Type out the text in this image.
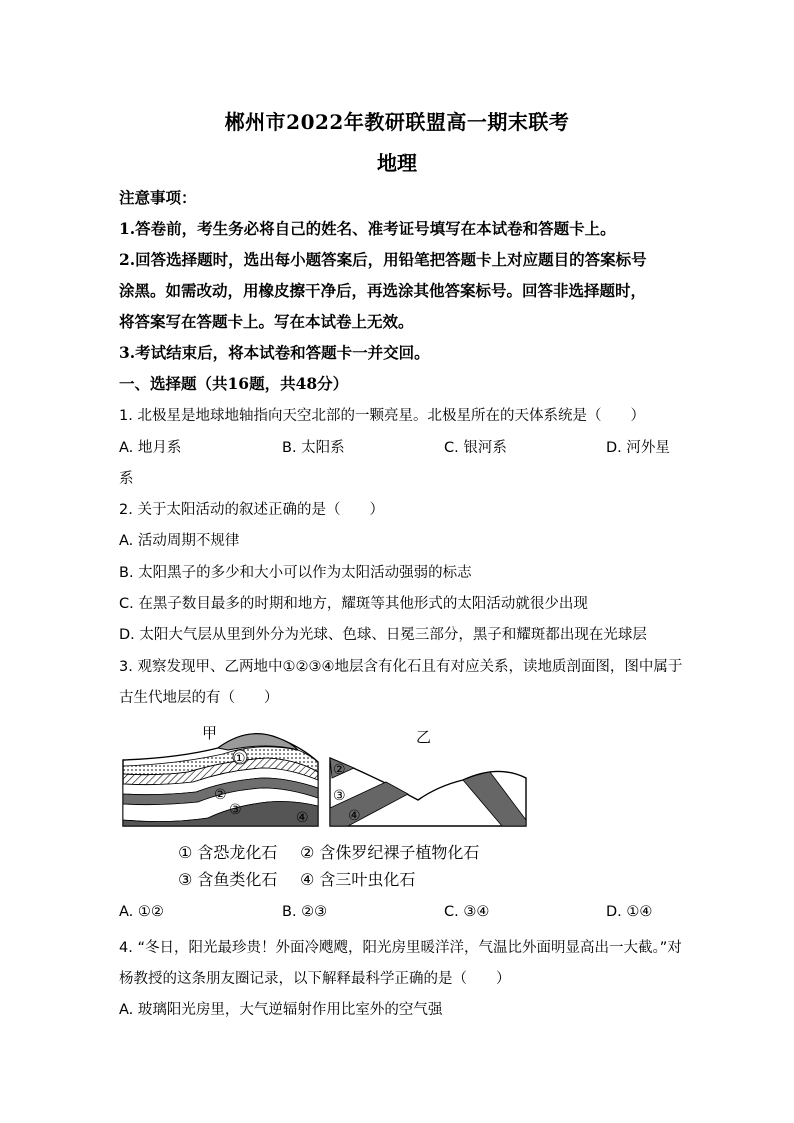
郴州市2022年教研联盟高一期末联考
地理
注意事项：
1.答卷前，考生务必将自己的姓名、准考证号填写在本试卷和答题卡上。
2.回答选择题时，选出每小题答案后，用铅笔把答题卡上对应题目的答案标号
涂黑。如需改动，用橡皮擦干净后，再选涂其他答案标号。回答非选择题时，
将答案写在答题卡上。写在本试卷上无效。
3.考试结束后，将本试卷和答题卡一并交回。
一、选择题（共16题，共48分）
1. 北极星是地球地轴指向天空北部的一颗亮星。北极星所在的天体系统是（　　）
A. 地月系	B. 太阳系	C. 银河系	D. 河外星
系
2. 关于太阳活动的叙述正确的是（　　）
A. 活动周期不规律
B. 太阳黑子的多少和大小可以作为太阳活动强弱的标志
C. 在黑子数目最多的时期和地方，耀斑等其他形式的太阳活动就很少出现
D. 太阳大气层从里到外分为光球、色球、日冕三部分，黑子和耀斑都出现在光球层
3. 观察发现甲、乙两地中①②③④地层含有化石且有对应关系，读地质剖面图，图中属于
古生代地层的有（　　）
甲
①
②
③	④
乙
②
③
④
① 含恐龙化石 ② 含侏罗纪裸子植物化石
③ 含鱼类化石 ④ 含三叶虫化石
A. ①②	B. ②③	C. ③④	D. ①④
4. “冬日，阳光最珍贵！外面冷飕飕，阳光房里暖洋洋，气温比外面明显高出一大截。”对
杨教授的这条朋友圈记录，以下解释最科学正确的是（　　）
A. 玻璃阳光房里，大气逆辐射作用比室外的空气强
